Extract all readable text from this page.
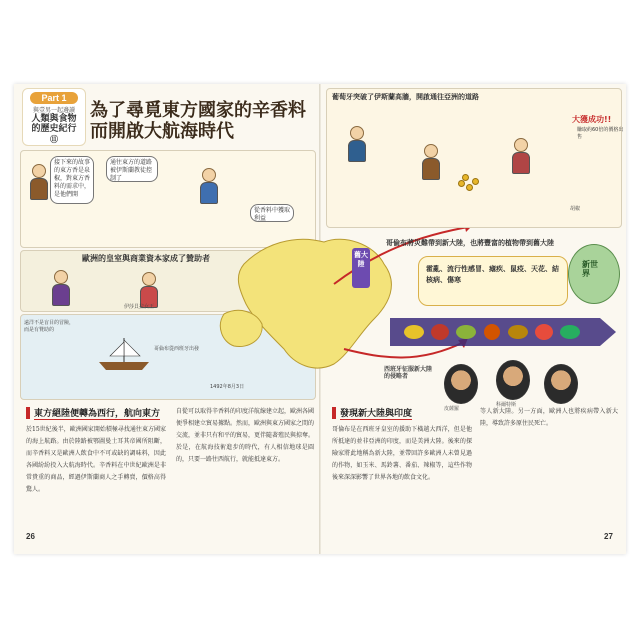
Part 1
與壹男一起邊讀
人類與食物
的歷史紀行
⑪
為了尋覓東方國家的辛香料
而開啟大航海時代
接下來的故事的東方香是泉椒，對東方香料的需求中，是他們開
通往東方的道路被伊斯蘭教徒控制了
從香料中獲取利益
歐洲的皇室與商業資本家成了贊助者
伊莎貝拉女王
遠洋不是盲目的冒險，而是有贊助的
哥倫布從西班牙出發
1492年8月3日
東方絕陸便轉為西行，航向東方
於15世紀後半，歐洲國家開始積極尋找通往東方國家的海上航路。由於陸路被鄂圖曼土耳其帝國所阻斷，而辛香料又是歐洲人飲食中不可或缺的調味料，因此各國紛紛投入大航海時代。辛香料在中世紀歐洲是非常貴重的商品，經過伊斯蘭商人之手轉賣，價格高得驚人。
自從可以取得辛香料的印度洋航線建立起，歐洲各國便爭相建立貿易據點。然而，歐洲與東方國家之間的交流，並非只有和平的貿易，更伴隨著殖民與掠奪。於是，在航海技術進步的時代，有人相信地球是圓的，只要一路往西航行，就能抵達東方。
26
葡萄牙突破了伊斯蘭高牆，開啟通往亞洲的道路
大獲成功!!
賺取約60倍的價格出售
胡椒
哥倫布將災難帶到新大陸，也將豐富的植物帶到舊大陸
舊大陸
霍亂、流行性感冒、瘧疾、鼠疫、天花、結核病、傷寒
新世界
西班牙征服新大陸的侵略者
皮薩羅
科爾特斯
發現新大陸與印度
哥倫布是在西班牙皇室的援助下橫越大西洋，但是他所抵達的並非亞洲的印度，而是美洲大陸。後來的探險家將此地稱為新大陸，並帶回許多歐洲人未曾見過的作物，如玉米、馬鈴薯、番茄、辣椒等，這些作物後來深深影響了世界各地的飲食文化。
等人新大陸。另一方面，歐洲人也將疾病帶入新大陸，導致許多原住民死亡。
27
